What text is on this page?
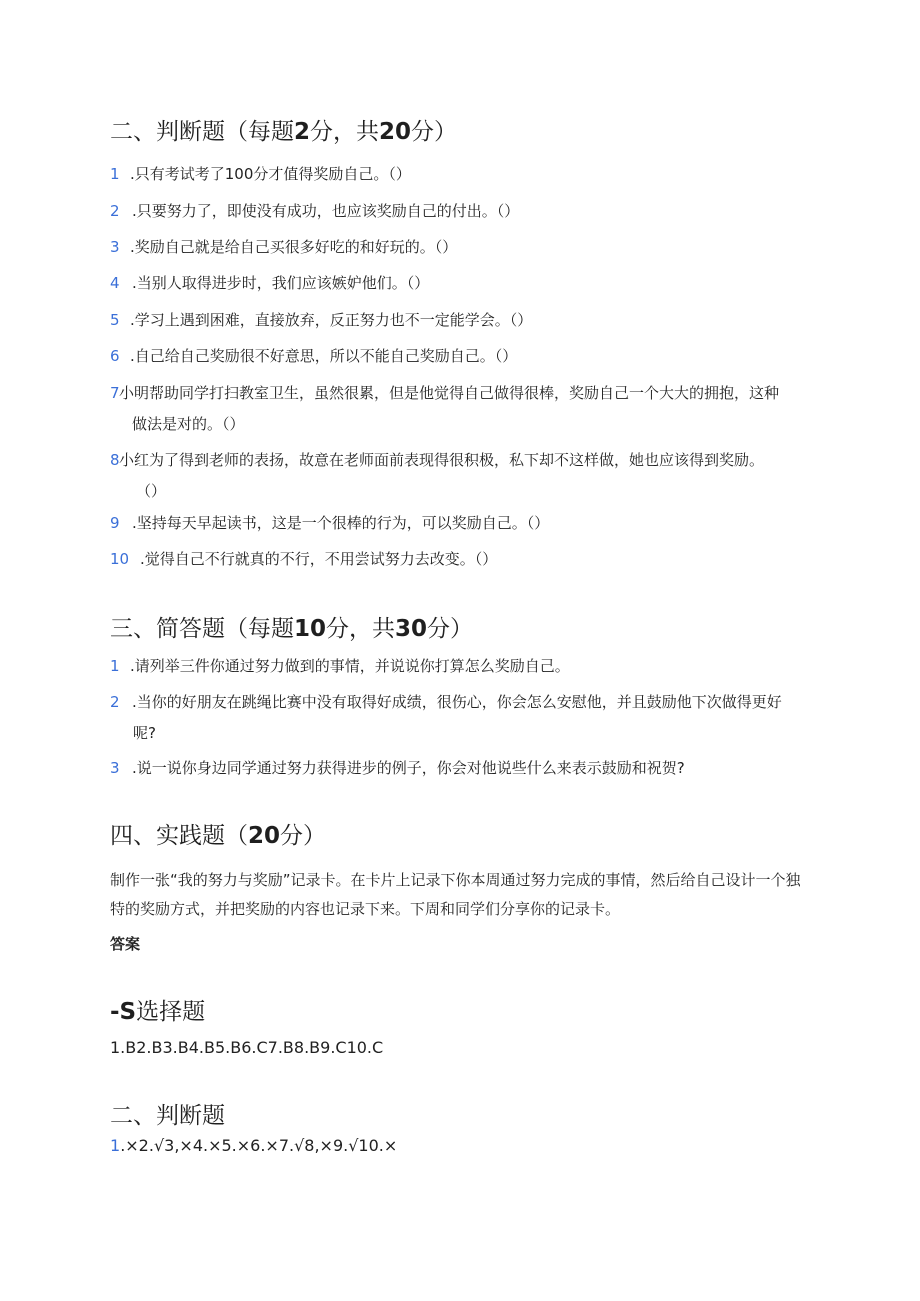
二、判断题（每题2分，共20分）
1 .只有考试考了100分才值得奖励自己。（）
2 .只要努力了，即使没有成功，也应该奖励自己的付出。（）
3 .奖励自己就是给自己买很多好吃的和好玩的。（）
4 .当别人取得进步时，我们应该嫉妒他们。（）
5 .学习上遇到困难，直接放弃，反正努力也不一定能学会。（）
6 .自己给自己奖励很不好意思，所以不能自己奖励自己。（）
7小明帮助同学打扫教室卫生，虽然很累，但是他觉得自己做得很棒，奖励自己一个大大的拥抱，这种
做法是对的。（）
8小红为了得到老师的表扬，故意在老师面前表现得很积极，私下却不这样做，她也应该得到奖励。
（）
9 .坚持每天早起读书，这是一个很棒的行为，可以奖励自己。（）
10 .觉得自己不行就真的不行，不用尝试努力去改变。（）
三、简答题（每题10分，共30分）
1 .请列举三件你通过努力做到的事情，并说说你打算怎么奖励自己。
2 .当你的好朋友在跳绳比赛中没有取得好成绩，很伤心，你会怎么安慰他，并且鼓励他下次做得更好
呢?
3 .说一说你身边同学通过努力获得进步的例子，你会对他说些什么来表示鼓励和祝贺?
四、实践题（20分）
制作一张“我的努力与奖励”记录卡。在卡片上记录下你本周通过努力完成的事情，然后给自己设计一个独特的奖励方式，并把奖励的内容也记录下来。下周和同学们分享你的记录卡。
答案
-S选择题
1.B2.B3.B4.B5.B6.C7.B8.B9.C10.C
二、判断题
1.×2.√3,×4.×5.×6.×7.√8,×9.√10.×
